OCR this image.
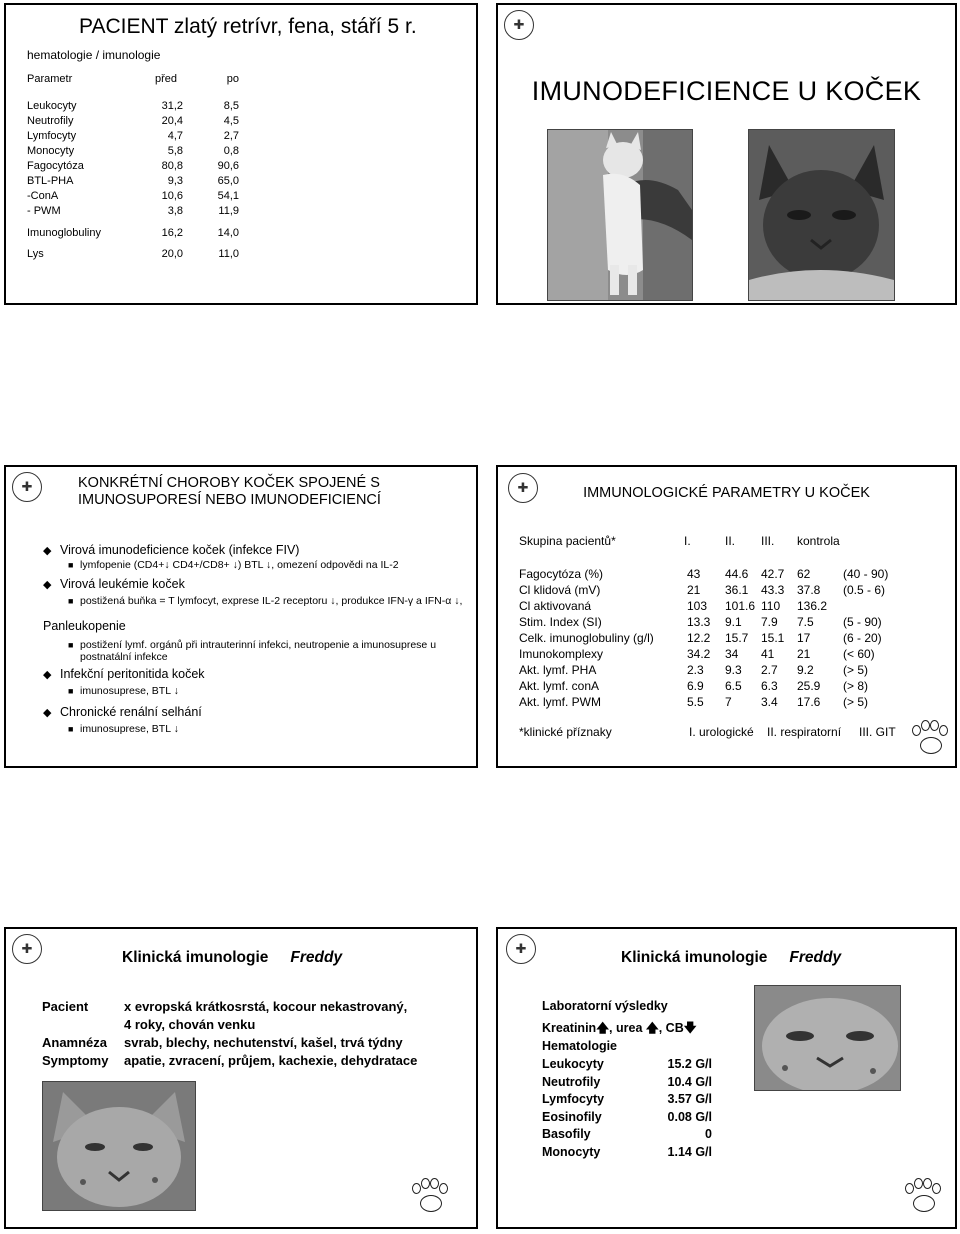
PACIENT zlatý retrívr, fena, stáří 5 r.
hematologie / imunologie
Parametr	před	po
Leukocyty	31,2	8,5
Neutrofily	20,4	4,5
Lymfocyty	4,7	2,7
Monocyty	5,8	0,8
Fagocytóza	80,8	90,6
BTL-PHA	9,3	65,0
-ConA	10,6	54,1
- PWM	3,8	11,9
Imunoglobuliny	16,2	14,0
Lys	20,0	11,0
✚
IMUNODEFICIENCE U KOČEK
✚
KONKRÉTNÍ CHOROBY KOČEK SPOJENÉ S IMUNOSUPORESÍ NEBO IMUNODEFICIENCÍ
◆ Virová imunodeficience koček (infekce FIV)
■ lymfopenie (CD4+↓ CD4+/CD8+ ↓) BTL ↓, omezení odpovědi na IL-2
◆ Virová leukémie koček
■ postižená buňka = T lymfocyt, exprese IL-2 receptoru ↓, produkce IFN-γ a IFN-α ↓,
Panleukopenie
■ postižení lymf. orgánů při intrauterinní infekci, neutropenie a imunosuprese u postnatální infekce
◆ Infekční peritonitida koček
■ imunosuprese, BTL ↓
◆ Chronické renální selhání
■ imunosuprese, BTL ↓
✚
IMMUNOLOGICKÉ PARAMETRY U KOČEK
Skupina pacientů*	I.	II. III. kontrola
Fagocytóza (%)	43 44.6 42.7 62	(40 - 90)
Cl klidová (mV)	21 36.1 43.3 37.8 (0.5 - 6)
Cl aktivovaná	103 101.6 110 136.2
Stim. Index (SI)	13.3 9.1 7.9 7.5 (5 - 90)
Celk. imunoglobuliny (g/l)	12.2 15.7 15.1 17	(6 - 20)
Imunokomplexy	34.2 34 41 21	(< 60)
Akt. lymf. PHA	2.3 9.3 2.7 9.2 (> 5)
Akt. lymf. conA	6.9 6.5 6.3 25.9 (> 8)
Akt. lymf. PWM	5.5 7 3.4 17.6 (> 5)
*klinické příznaky	I. urologické II. respiratorní III. GIT
✚
Klinická imunologie Freddy
Pacient	x evropská krátkosrstá, kocour nekastrovaný,
4 roky, chován venku
Anamnéza svrab, blechy, nechutenství, kašel, trvá týdny
Symptomy apatie, zvracení, průjem, kachexie, dehydratace
✚
Klinická imunologie Freddy
Laboratorní výsledky
Kreatinin🡅, urea 🡅, CB🡇
Hematologie
Leukocyty	15.2 G/l
Neutrofily	10.4 G/l
Lymfocyty	3.57 G/l
Eosinofily	0.08 G/l
Basofily	0
Monocyty	1.14 G/l
